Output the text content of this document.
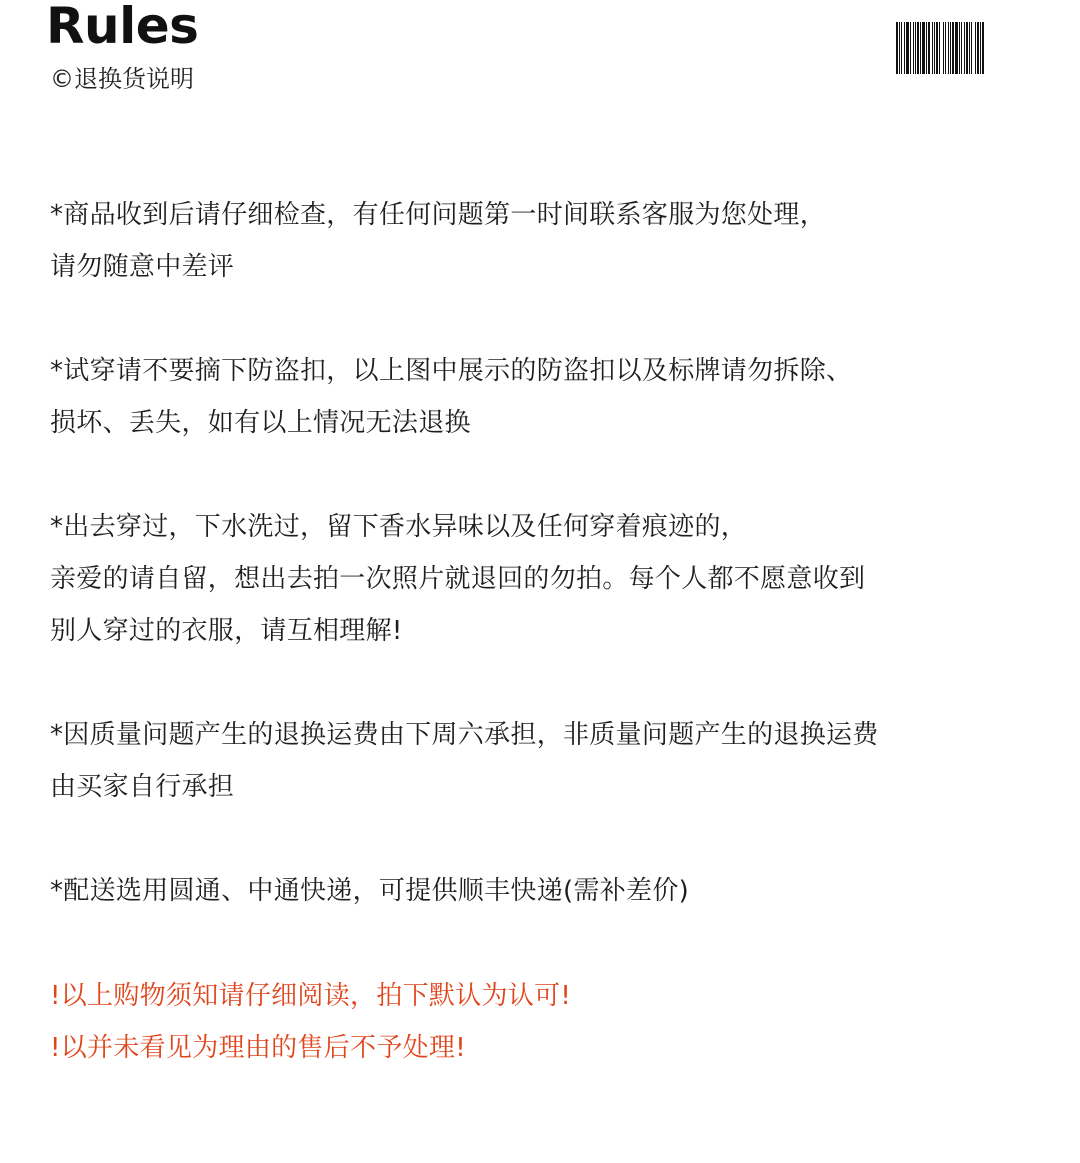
Rules
©退换货说明
*商品收到后请仔细检查，有任何问题第一时间联系客服为您处理，
请勿随意中差评
*试穿请不要摘下防盗扣，以上图中展示的防盗扣以及标牌请勿拆除、
损坏、丢失，如有以上情况无法退换
*出去穿过，下水洗过，留下香水异味以及任何穿着痕迹的，
亲爱的请自留，想出去拍一次照片就退回的勿拍。每个人都不愿意收到
别人穿过的衣服，请互相理解!
*因质量问题产生的退换运费由下周六承担，非质量问题产生的退换运费
由买家自行承担
*配送选用圆通、中通快递，可提供顺丰快递(需补差价)
!以上购物须知请仔细阅读，拍下默认为认可!
!以并未看见为理由的售后不予处理!
